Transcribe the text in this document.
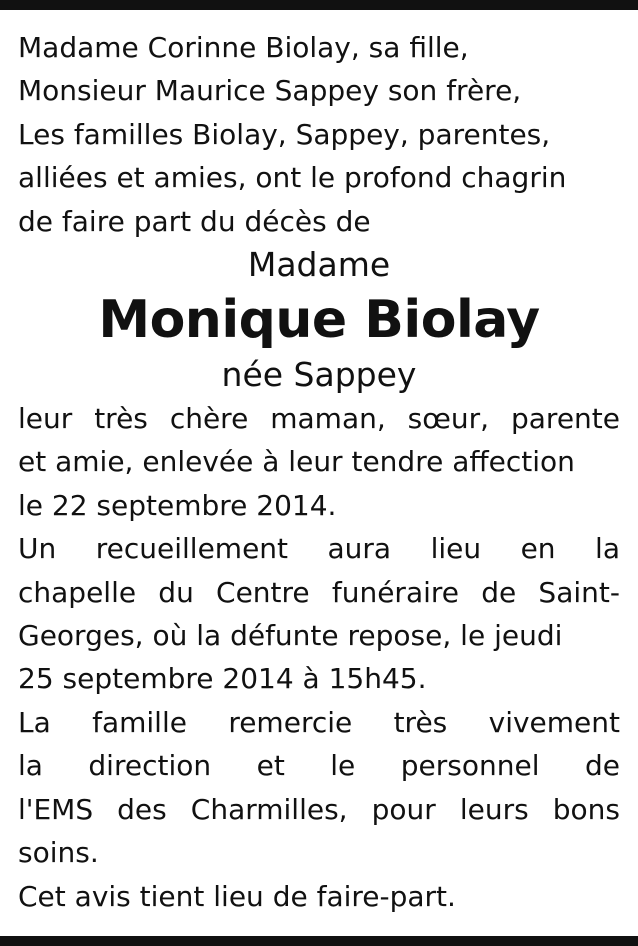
Madame Corinne Biolay, sa fille,
Monsieur Maurice Sappey son frère,
Les familles Biolay, Sappey, parentes,
alliées et amies, ont le profond chagrin
de faire part du décès de
Madame
Monique Biolay
née Sappey
leur très chère maman, sœur, parente
et amie, enlevée à leur tendre affection
le 22 septembre 2014.
Un recueillement aura lieu en la
chapelle du Centre funéraire de Saint-
Georges, où la défunte repose, le jeudi
25 septembre 2014 à 15h45.
La famille remercie très vivement
la direction et le personnel de
l'EMS des Charmilles, pour leurs bons
soins.
Cet avis tient lieu de faire-part.
